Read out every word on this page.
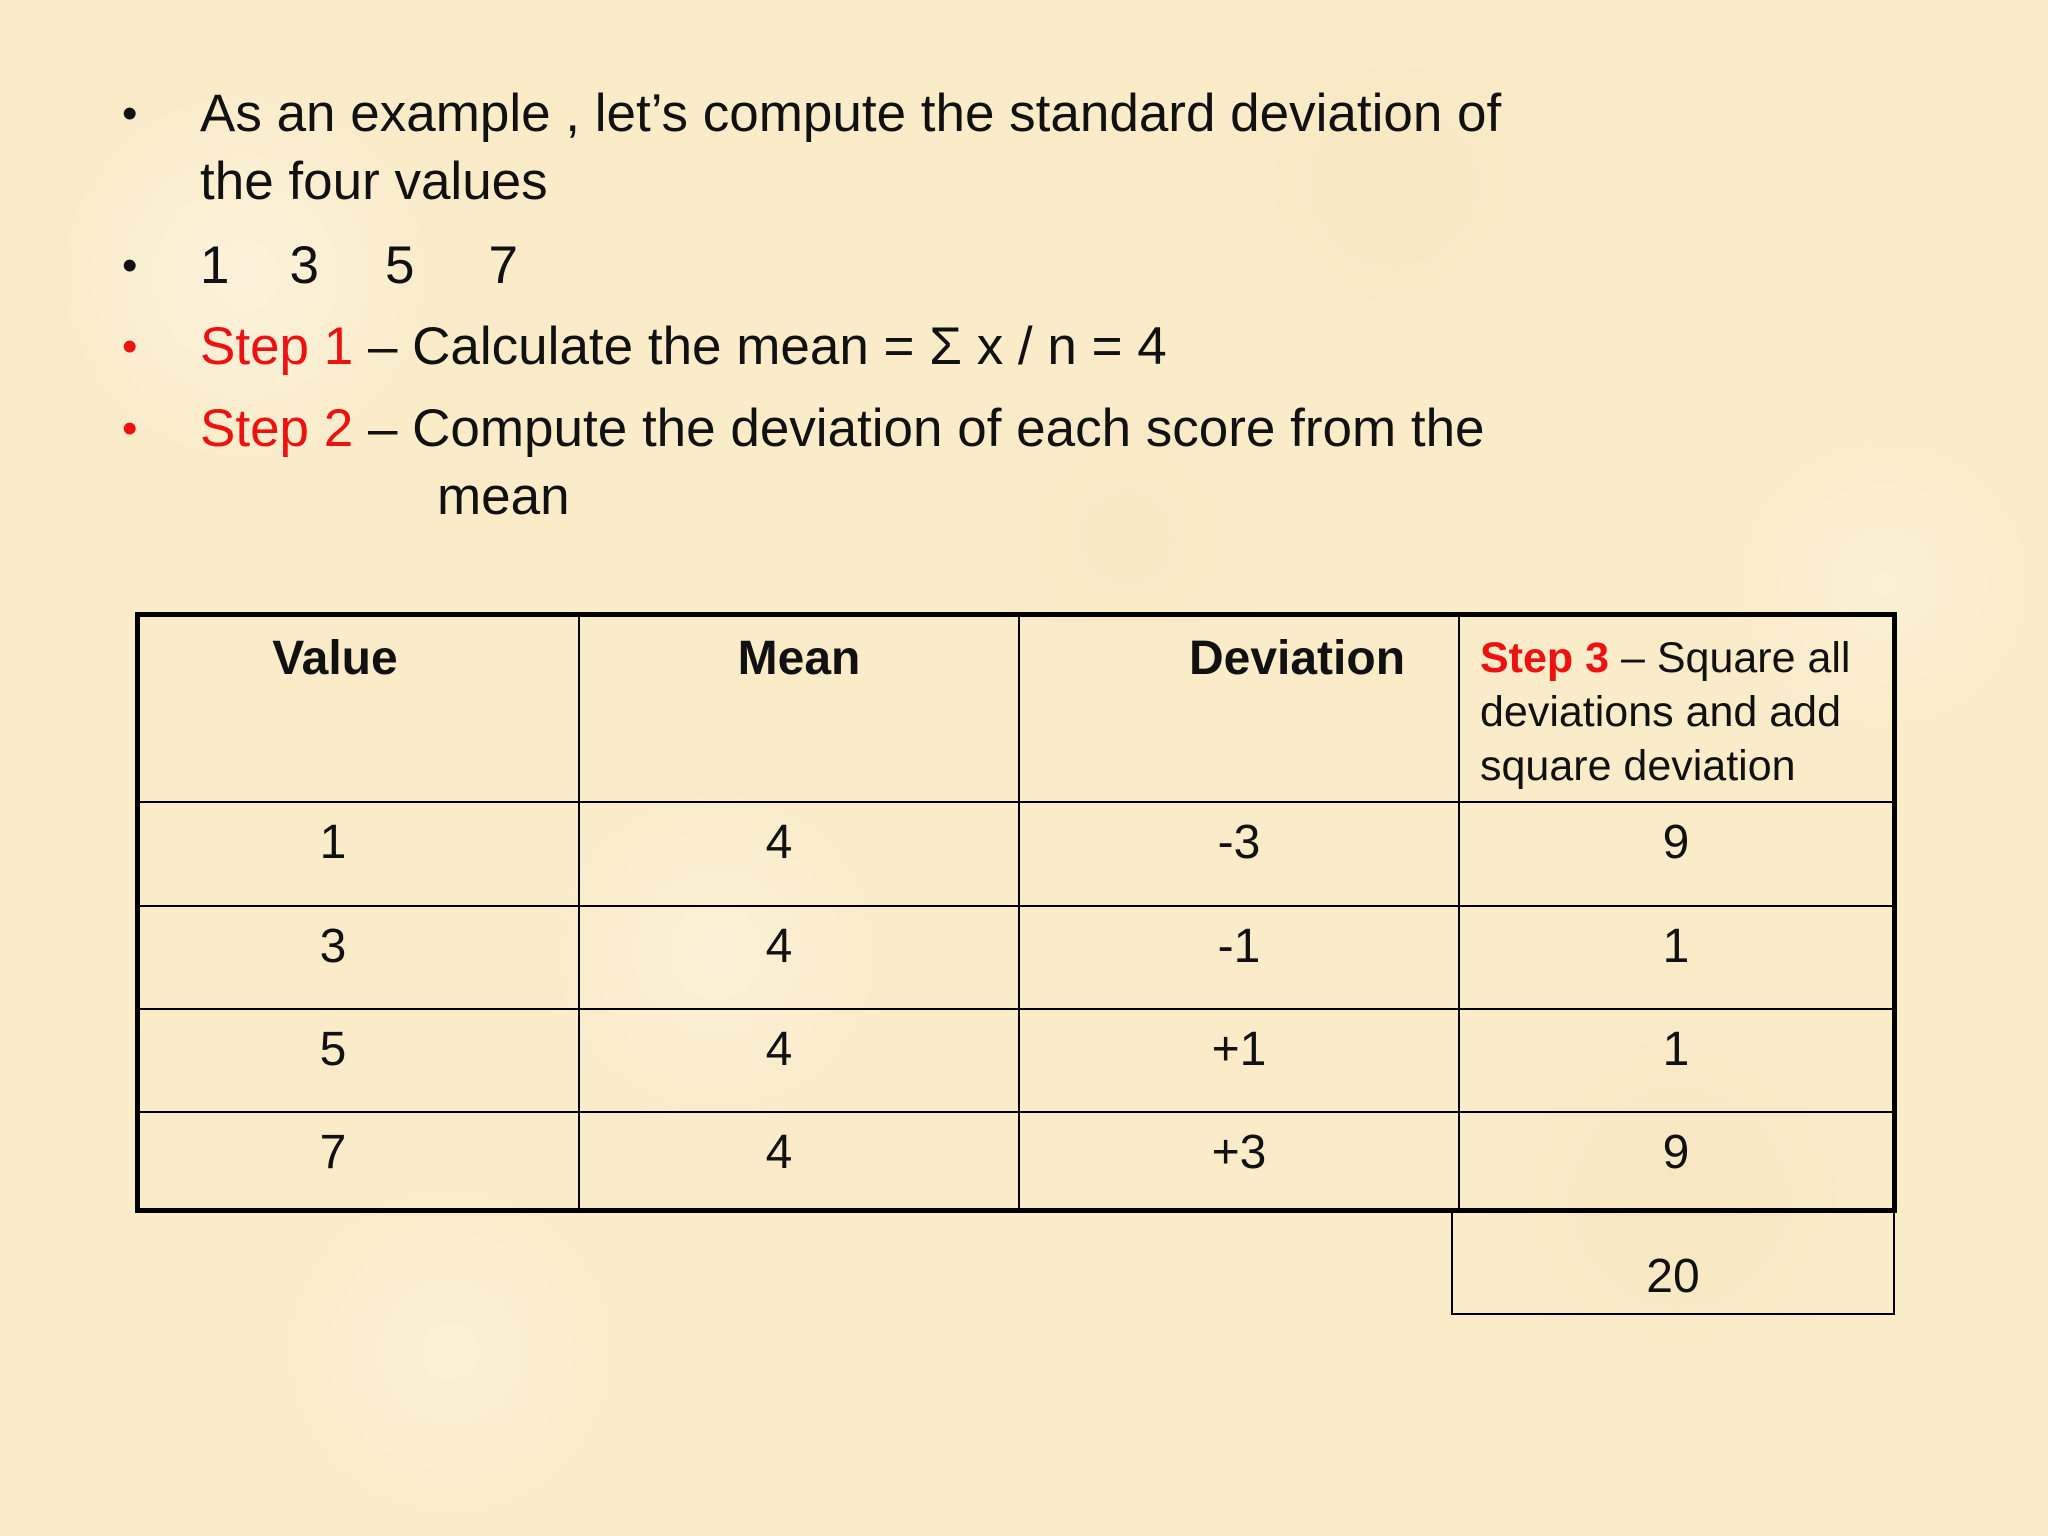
• As an example , let’s compute the standard deviation of
the four values
• 1 3 5 7
• Step 1 – Calculate the mean = Σ x / n = 4
• Step 2 – Compute the deviation of each score from the
mean
Value	Mean	Deviation	Step 3 – Square all deviations and add square deviation
1	4	-3	9
3	4	-1	1
5	4	+1	1
7	4	+3	9
20
